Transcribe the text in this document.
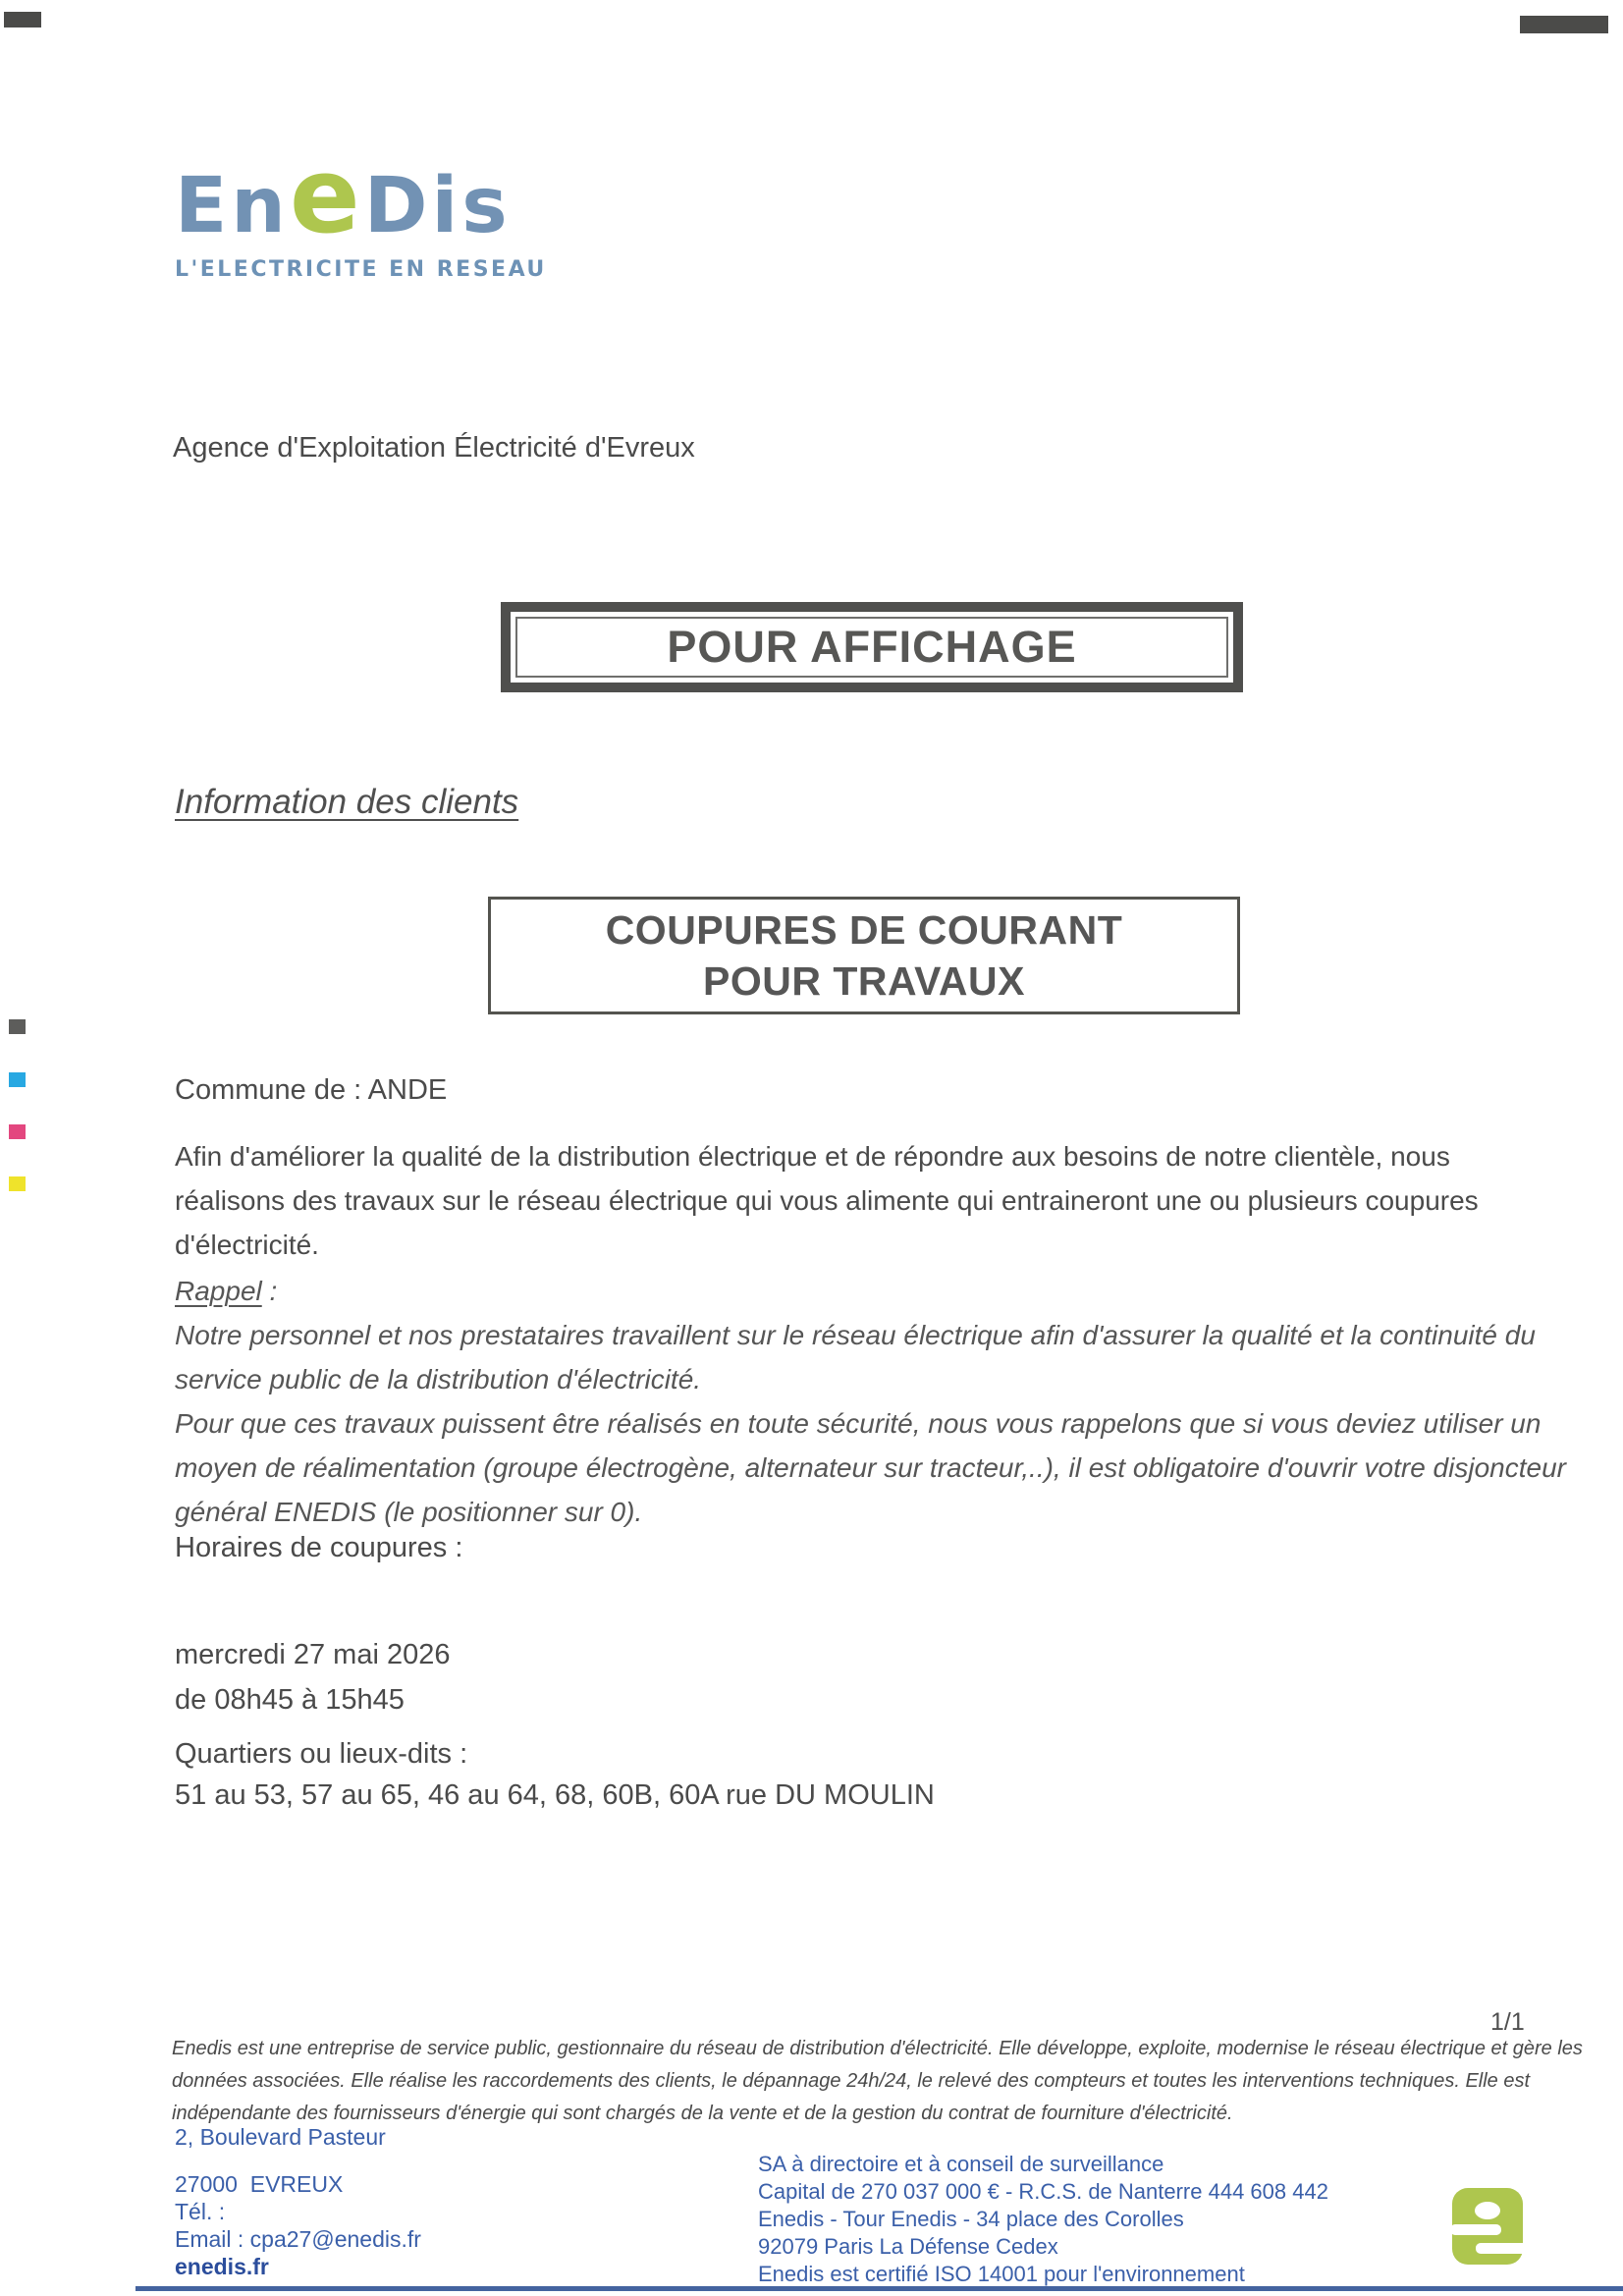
EneDis
L'ELECTRICITE EN RESEAU
Agence d'Exploitation Électricité d'Evreux
POUR AFFICHAGE
Information des clients
COUPURES DE COURANT
POUR TRAVAUX
Commune de : ANDE
Afin d'améliorer la qualité de la distribution électrique et de répondre aux besoins de notre clientèle, nous réalisons des travaux sur le réseau électrique qui vous alimente qui entraineront une ou plusieurs coupures d'électricité.
Rappel :
Notre personnel et nos prestataires travaillent sur le réseau électrique afin d'assurer la qualité et la continuité du service public de la distribution d'électricité.
Pour que ces travaux puissent être réalisés en toute sécurité, nous vous rappelons que si vous deviez utiliser un moyen de réalimentation (groupe électrogène, alternateur sur tracteur,..), il est obligatoire d'ouvrir votre disjoncteur général ENEDIS (le positionner sur 0).
Horaires de coupures :
mercredi 27 mai 2026
de 08h45 à 15h45
Quartiers ou lieux-dits :
51 au 53, 57 au 65, 46 au 64, 68, 60B, 60A rue DU MOULIN
1/1
Enedis est une entreprise de service public, gestionnaire du réseau de distribution d'électricité. Elle développe, exploite, modernise le réseau électrique et gère les données associées. Elle réalise les raccordements des clients, le dépannage 24h/24, le relevé des compteurs et toutes les interventions techniques. Elle est indépendante des fournisseurs d'énergie qui sont chargés de la vente et de la gestion du contrat de fourniture d'électricité.
2, Boulevard Pasteur
27000  EVREUX
Tél. :
Email : cpa27@enedis.fr
enedis.fr
SA à directoire et à conseil de surveillance
Capital de 270 037 000 € - R.C.S. de Nanterre 444 608 442
Enedis - Tour Enedis - 34 place des Corolles
92079 Paris La Défense Cedex
Enedis est certifié ISO 14001 pour l'environnement
